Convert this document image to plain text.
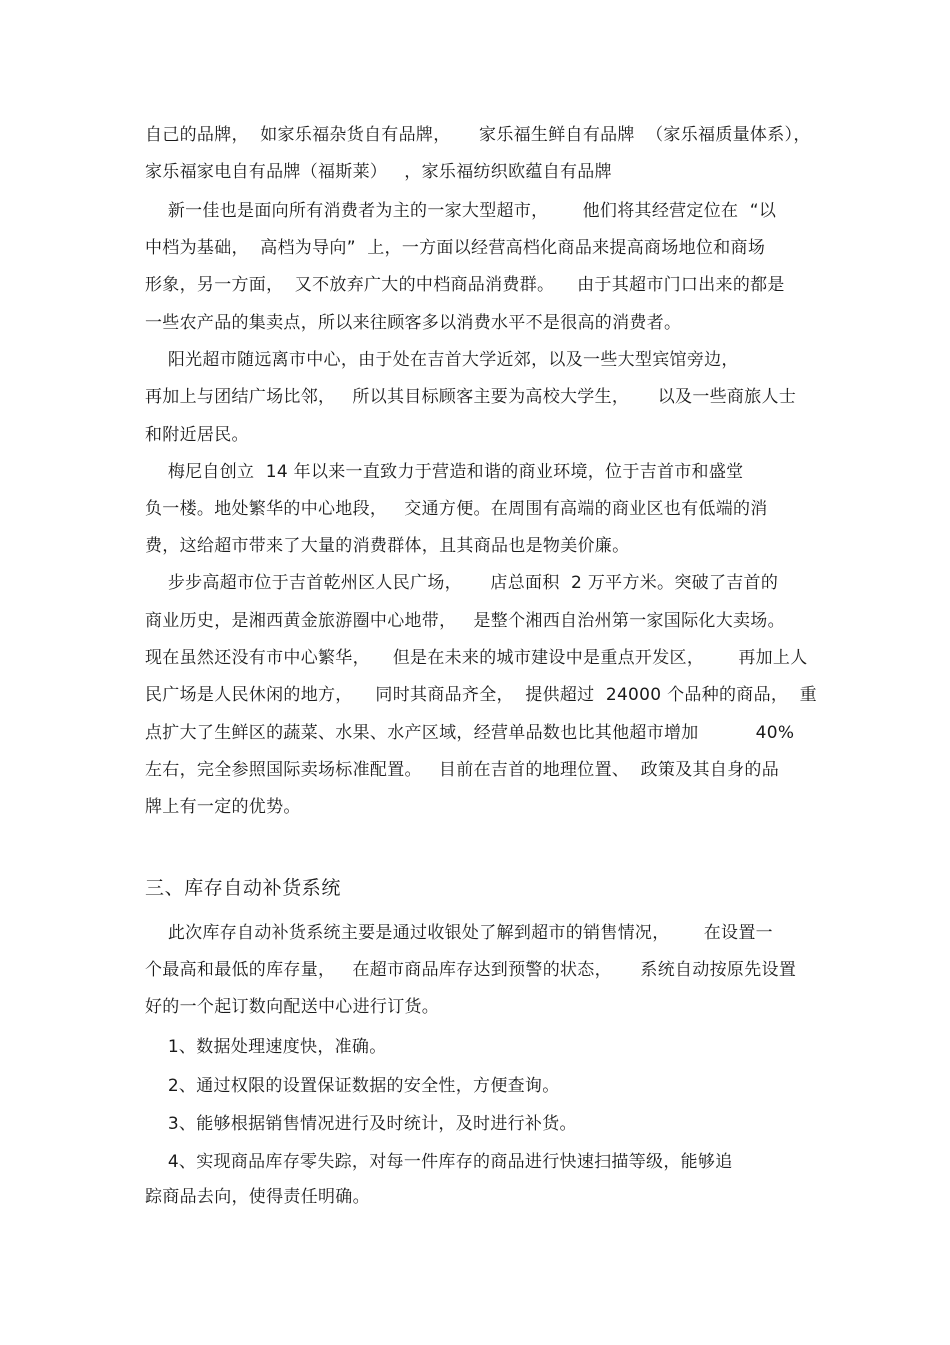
自己的品牌，  如家乐福杂货自有品牌，     家乐福生鲜自有品牌  （家乐福质量体系），
家乐福家电自有品牌（福斯莱）   ，家乐福纺织欧蕴自有品牌
新一佳也是面向所有消费者为主的一家大型超市，      他们将其经营定位在  “以
中档为基础，  高档为导向”  上，一方面以经营高档化商品来提高商场地位和商场
形象，另一方面，  又不放弃广大的中档商品消费群。    由于其超市门口出来的都是
一些农产品的集卖点，所以来往顾客多以消费水平不是很高的消费者。
阳光超市随远离市中心，由于处在吉首大学近郊，以及一些大型宾馆旁边，
再加上与团结广场比邻，   所以其目标顾客主要为高校大学生，     以及一些商旅人士
和附近居民。
梅尼自创立  14 年以来一直致力于营造和谐的商业环境，位于吉首市和盛堂
负一楼。地处繁华的中心地段，   交通方便。在周围有高端的商业区也有低端的消
费，这给超市带来了大量的消费群体，且其商品也是物美价廉。
步步高超市位于吉首乾州区人民广场，     店总面积  2 万平方米。突破了吉首的
商业历史，是湘西黄金旅游圈中心地带，   是整个湘西自治州第一家国际化大卖场。
现在虽然还没有市中心繁华，    但是在未来的城市建设中是重点开发区，      再加上人
民广场是人民休闲的地方，    同时其商品齐全，  提供超过  24000 个品种的商品，  重
点扩大了生鲜区的蔬菜、水果、水产区域，经营单品数也比其他超市增加          40%
左右，完全参照国际卖场标准配置。   目前在吉首的地理位置、  政策及其自身的品
牌上有一定的优势。
三、库存自动补货系统
此次库存自动补货系统主要是通过收银处了解到超市的销售情况，      在设置一
个最高和最低的库存量，   在超市商品库存达到预警的状态，     系统自动按原先设置
好的一个起订数向配送中心进行订货。
1、数据处理速度快，准确。
2、通过权限的设置保证数据的安全性，方便查询。
3、能够根据销售情况进行及时统计，及时进行补货。
4、实现商品库存零失踪，对每一件库存的商品进行快速扫描等级，能够追
踪商品去向，使得责任明确。
